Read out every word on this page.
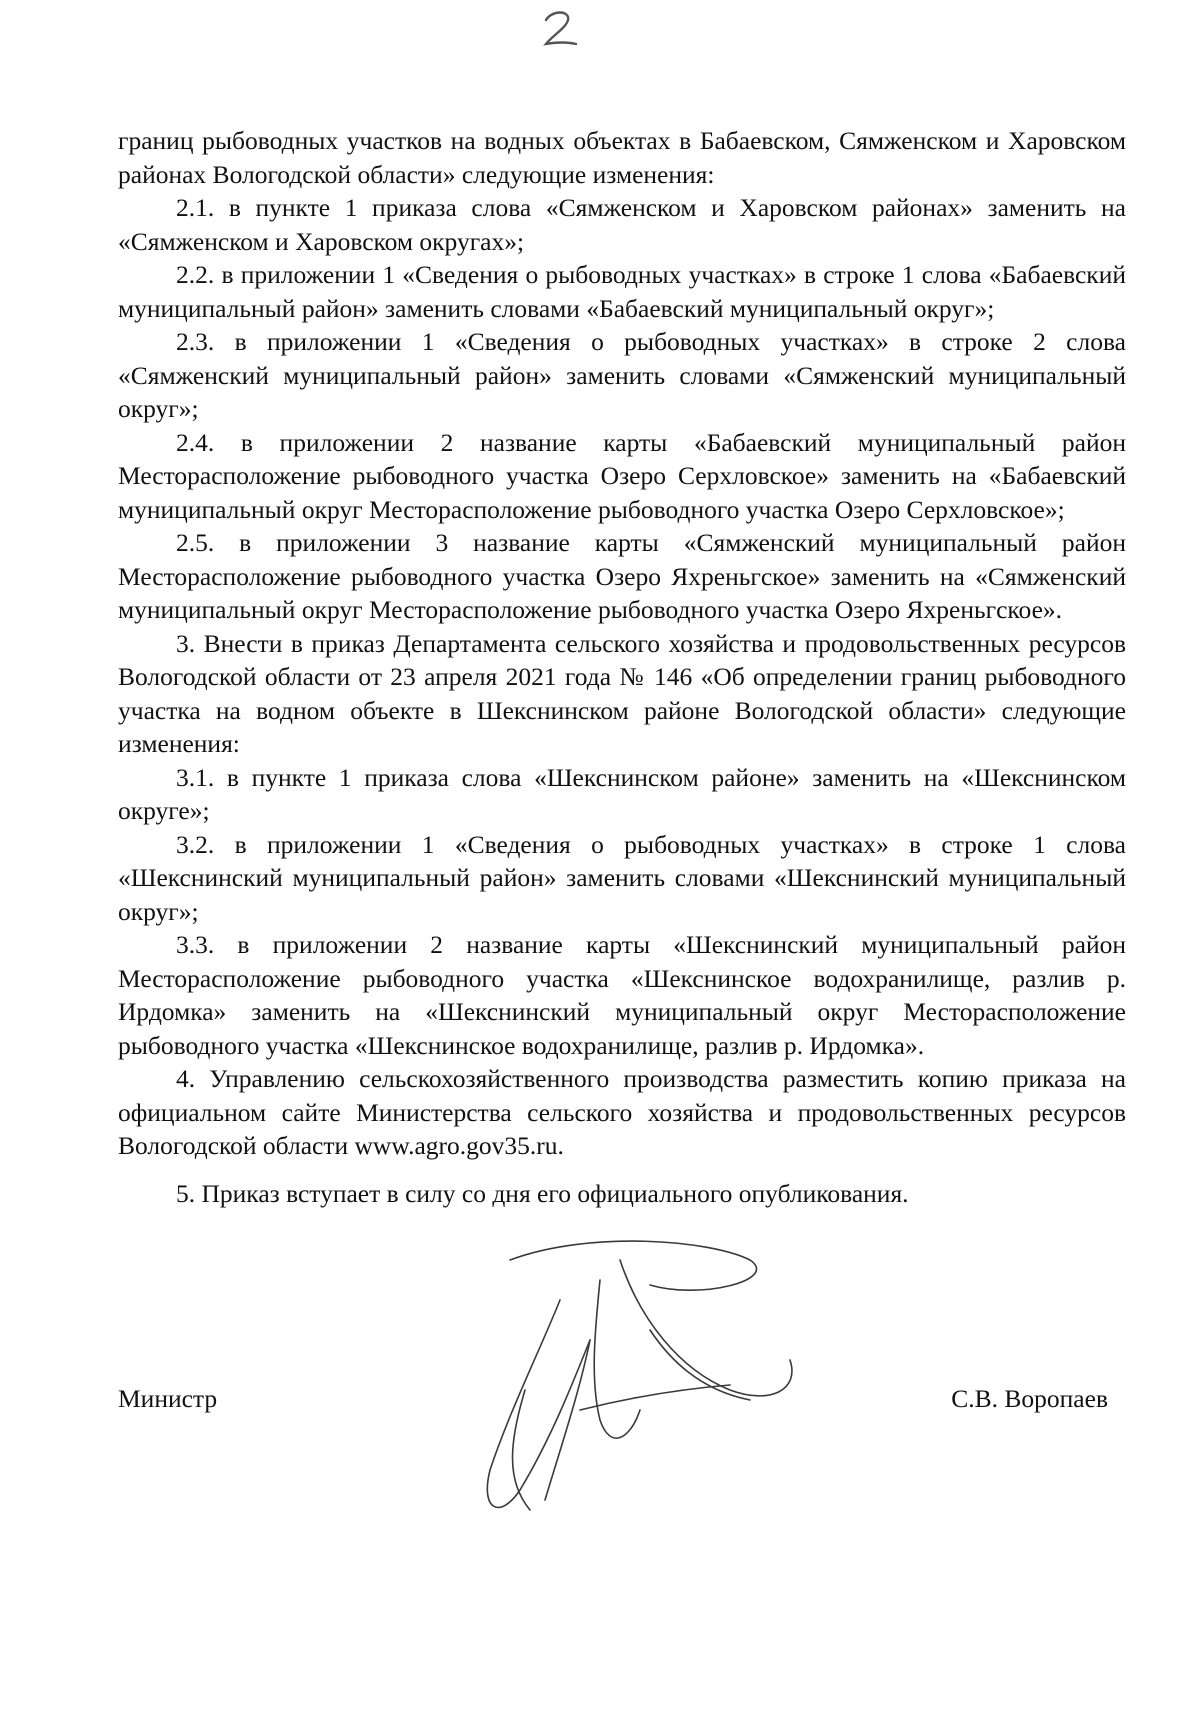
границ рыбоводных участков на водных объектах в Бабаевском, Сямженском и Харовском районах Вологодской области» следующие изменения:

2.1. в пункте 1 приказа слова «Сямженском и Харовском районах» заменить на «Сямженском и Харовском округах»;

2.2. в приложении 1 «Сведения о рыбоводных участках» в строке 1 слова «Бабаевский муниципальный район» заменить словами «Бабаевский муниципальный округ»;

2.3. в приложении 1 «Сведения о рыбоводных участках» в строке 2 слова «Сямженский муниципальный район» заменить словами «Сямженский муниципальный округ»;

2.4. в приложении 2 название карты «Бабаевский муниципальный район Месторасположение рыбоводного участка Озеро Серхловское» заменить на «Бабаевский муниципальный округ Месторасположение рыбоводного участка Озеро Серхловское»;

2.5. в приложении 3 название карты «Сямженский муниципальный район Месторасположение рыбоводного участка Озеро Яхреньгское» заменить на «Сямженский муниципальный округ Месторасположение рыбоводного участка Озеро Яхреньгское».

3. Внести в приказ Департамента сельского хозяйства и продовольственных ресурсов Вологодской области от 23 апреля 2021 года № 146 «Об определении границ рыбоводного участка на водном объекте в Шекснинском районе Вологодской области» следующие изменения:

3.1. в пункте 1 приказа слова «Шекснинском районе» заменить на «Шекснинском округе»;

3.2. в приложении 1 «Сведения о рыбоводных участках» в строке 1 слова «Шекснинский муниципальный район» заменить словами «Шекснинский муниципальный округ»;

3.3. в приложении 2 название карты «Шекснинский муниципальный район Месторасположение рыбоводного участка «Шекснинское водохранилище, разлив р. Ирдомка» заменить на «Шекснинский муниципальный округ Месторасположение рыбоводного участка «Шекснинское водохранилище, разлив р. Ирдомка».

4. Управлению сельскохозяйственного производства разместить копию приказа на официальном сайте Министерства сельского хозяйства и продовольственных ресурсов Вологодской области www.agro.gov35.ru.

5. Приказ вступает в силу со дня его официального опубликования.

Министр	С.В. Воропаев
